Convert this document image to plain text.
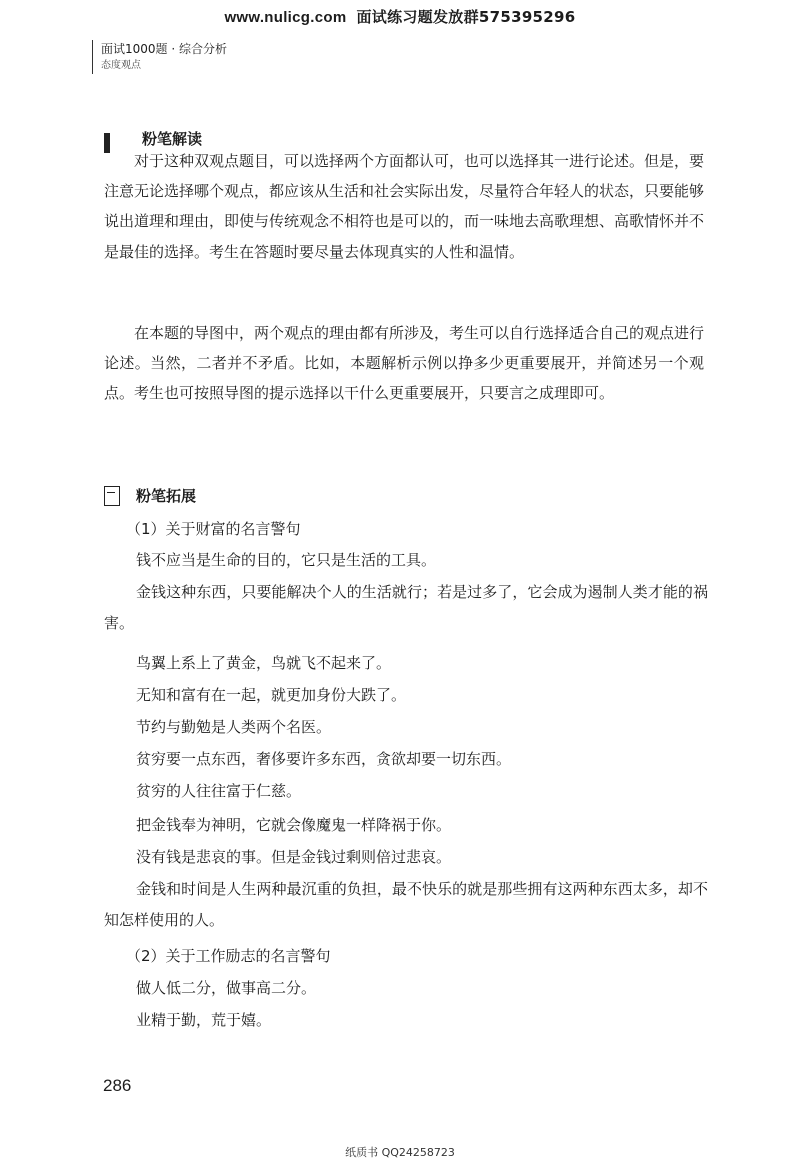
www.nulicg.com 面试练习题发放群575395296
面试1000题 · 综合分析
态度观点
粉笔解读

对于这种双观点题目，可以选择两个方面都认可，也可以选择其一进行论述。但是，要注意无论选择哪个观点，都应该从生活和社会实际出发，尽量符合年轻人的状态，只要能够说出道理和理由，即使与传统观念不相符也是可以的，而一味地去高歌理想、高歌情怀并不是最佳的选择。考生在答题时要尽量去体现真实的人性和温情。

在本题的导图中，两个观点的理由都有所涉及，考生可以自行选择适合自己的观点进行论述。当然，二者并不矛盾。比如，本题解析示例以挣多少更重要展开，并简述另一个观点。考生也可按照导图的提示选择以干什么更重要展开，只要言之成理即可。

粉笔拓展

（1）关于财富的名言警句

钱不应当是生命的目的，它只是生活的工具。

金钱这种东西，只要能解决个人的生活就行；若是过多了，它会成为遏制人类才能的祸害。

鸟翼上系上了黄金，鸟就飞不起来了。

无知和富有在一起，就更加身份大跌了。

节约与勤勉是人类两个名医。

贫穷要一点东西，奢侈要许多东西，贪欲却要一切东西。

贫穷的人往往富于仁慈。

把金钱奉为神明，它就会像魔鬼一样降祸于你。

没有钱是悲哀的事。但是金钱过剩则倍过悲哀。

金钱和时间是人生两种最沉重的负担，最不快乐的就是那些拥有这两种东西太多，却不知怎样使用的人。

（2）关于工作励志的名言警句

做人低二分，做事高二分。

业精于勤，荒于嬉。

286
纸质书 QQ24258723
